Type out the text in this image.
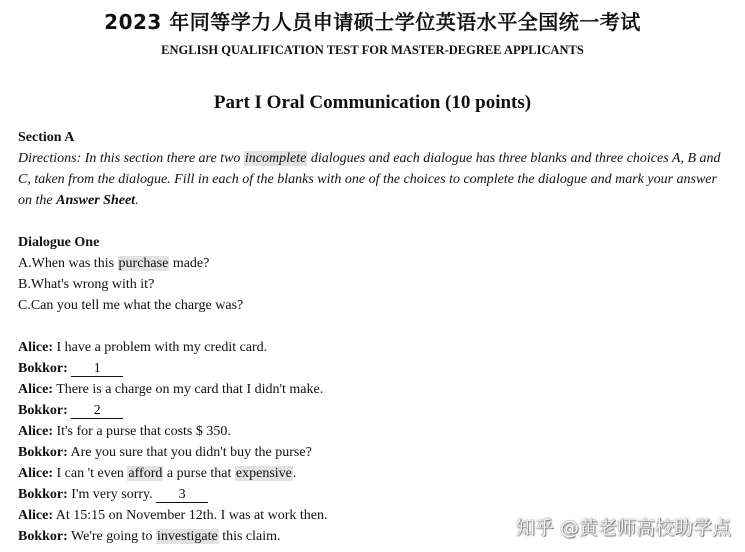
2023 年同等学力人员申请硕士学位英语水平全国统一考试
ENGLISH QUALIFICATION TEST FOR MASTER-DEGREE APPLICANTS
Part I Oral Communication (10 points)
Section A
Directions: In this section there are two incomplete dialogues and each dialogue has three blanks and three choices A, B and C, taken from the dialogue. Fill in each of the blanks with one of the choices to complete the dialogue and mark your answer on the Answer Sheet.
Dialogue One
A.When was this purchase made?
B.What's wrong with it?
C.Can you tell me what the charge was?
Alice: I have a problem with my credit card.
Bokkor: 1
Alice: There is a charge on my card that I didn't make.
Bokkor: 2
Alice: It's for a purse that costs $ 350.
Bokkor: Are you sure that you didn't buy the purse?
Alice: I can 't even afford a purse that expensive.
Bokkor: I'm very sorry. 3
Alice: At 15:15 on November 12th. I was at work then.
Bokkor: We're going to investigate this claim.	知乎 @黄老师高校助学点
